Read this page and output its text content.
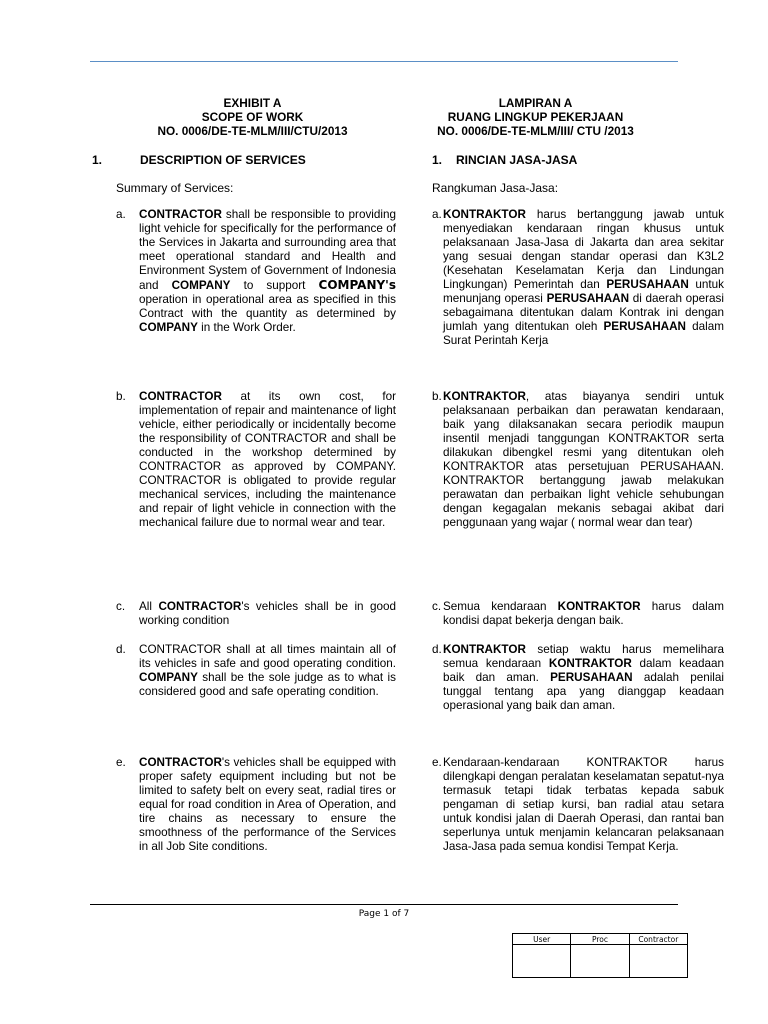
EXHIBIT A
SCOPE OF WORK
NO. 0006/DE-TE-MLM/III/CTU/2013
LAMPIRAN A
RUANG LINGKUP PEKERJAAN
NO. 0006/DE-TE-MLM/III/ CTU /2013
1.	DESCRIPTION OF SERVICES	1. RINCIAN JASA-JASA
Summary of Services:	Rangkuman Jasa-Jasa:
a. CONTRACTOR shall be responsible to providing light vehicle for specifically for the performance of the Services in Jakarta and surrounding area that meet operational standard and Health and Environment System of Government of Indonesia and COMPANY to support COMPANY's operation in operational area as specified in this Contract with the quantity as determined by COMPANY in the Work Order.
a. KONTRAKTOR harus bertanggung jawab untuk menyediakan kendaraan ringan khusus untuk pelaksanaan Jasa-Jasa di Jakarta dan area sekitar yang sesuai dengan standar operasi dan K3L2 (Kesehatan Keselamatan Kerja dan Lindungan Lingkungan) Pemerintah dan PERUSAHAAN untuk menunjang operasi PERUSAHAAN di daerah operasi sebagaimana ditentukan dalam Kontrak ini dengan jumlah yang ditentukan oleh PERUSAHAAN dalam Surat Perintah Kerja
b. CONTRACTOR at its own cost, for implementation of repair and maintenance of light vehicle, either periodically or incidentally become the responsibility of CONTRACTOR and shall be conducted in the workshop determined by CONTRACTOR as approved by COMPANY. CONTRACTOR is obligated to provide regular mechanical services, including the maintenance and repair of light vehicle in connection with the mechanical failure due to normal wear and tear.
b. KONTRAKTOR, atas biayanya sendiri untuk pelaksanaan perbaikan dan perawatan kendaraan, baik yang dilaksanakan secara periodik maupun insentil menjadi tanggungan KONTRAKTOR serta dilakukan dibengkel resmi yang ditentukan oleh KONTRAKTOR atas persetujuan PERUSAHAAN. KONTRAKTOR bertanggung jawab melakukan perawatan dan perbaikan light vehicle sehubungan dengan kegagalan mekanis sebagai akibat dari penggunaan yang wajar ( normal wear dan tear)
c. All CONTRACTOR's vehicles shall be in good working condition
c. Semua kendaraan KONTRAKTOR harus dalam kondisi dapat bekerja dengan baik.
d. CONTRACTOR shall at all times maintain all of its vehicles in safe and good operating condition. COMPANY shall be the sole judge as to what is considered good and safe operating condition.
d. KONTRAKTOR setiap waktu harus memelihara semua kendaraan KONTRAKTOR dalam keadaan baik dan aman. PERUSAHAAN adalah penilai tunggal tentang apa yang dianggap keadaan operasional yang baik dan aman.
e. CONTRACTOR's vehicles shall be equipped with proper safety equipment including but not be limited to safety belt on every seat, radial tires or equal for road condition in Area of Operation, and tire chains as necessary to ensure the smoothness of the performance of the Services in all Job Site conditions.
e. Kendaraan-kendaraan KONTRAKTOR harus dilengkapi dengan peralatan keselamatan sepatut-nya termasuk tetapi tidak terbatas kepada sabuk pengaman di setiap kursi, ban radial atau setara untuk kondisi jalan di Daerah Operasi, dan rantai ban seperlunya untuk menjamin kelancaran pelaksanaan Jasa-Jasa pada semua kondisi Tempat Kerja.
Page 1 of 7
User	Proc	Contractor
